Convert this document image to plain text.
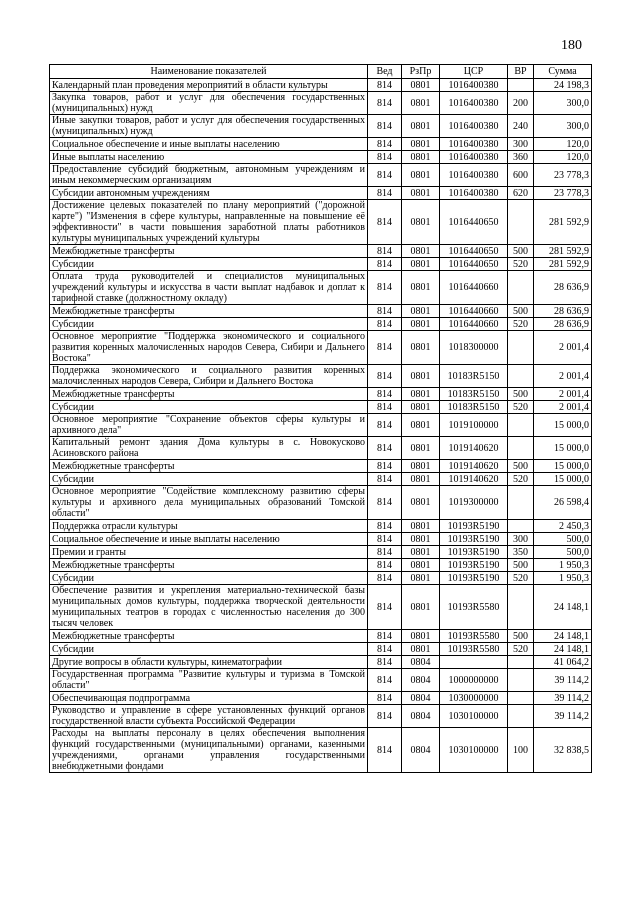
180
Наименование показателей	Вед	РзПр	ЦСР	ВР	Сумма
Календарный план проведения мероприятий в области культуры	814	0801	1016400380		24 198,3
Закупка товаров, работ и услуг для обеспечения государственных (муниципальных) нужд	814	0801	1016400380	200	300,0
Иные закупки товаров, работ и услуг для обеспечения государственных (муниципальных) нужд	814	0801	1016400380	240	300,0
Социальное обеспечение и иные выплаты населению	814	0801	1016400380	300	120,0
Иные выплаты населению	814	0801	1016400380	360	120,0
Предоставление субсидий бюджетным, автономным учреждениям и иным некоммерческим организациям	814	0801	1016400380	600	23 778,3
Субсидии автономным учреждениям	814	0801	1016400380	620	23 778,3
Достижение целевых показателей по плану мероприятий ("дорожной карте") "Изменения в сфере культуры, направленные на повышение её эффективности" в части повышения заработной платы работников культуры муниципальных учреждений культуры	814	0801	1016440650		281 592,9
Межбюджетные трансферты	814	0801	1016440650	500	281 592,9
Субсидии	814	0801	1016440650	520	281 592,9
Оплата труда руководителей и специалистов муниципальных учреждений культуры и искусства в части выплат надбавок и доплат к тарифной ставке (должностному окладу)	814	0801	1016440660		28 636,9
Межбюджетные трансферты	814	0801	1016440660	500	28 636,9
Субсидии	814	0801	1016440660	520	28 636,9
Основное мероприятие "Поддержка экономического и социального развития коренных малочисленных народов Севера, Сибири и Дальнего Востока"	814	0801	1018300000		2 001,4
Поддержка экономического и социального развития коренных малочисленных народов Севера, Сибири и Дальнего Востока	814	0801	10183R5150		2 001,4
Межбюджетные трансферты	814	0801	10183R5150	500	2 001,4
Субсидии	814	0801	10183R5150	520	2 001,4
Основное мероприятие "Сохранение объектов сферы культуры и архивного дела"	814	0801	1019100000		15 000,0
Капитальный ремонт здания Дома культуры в с. Новокусково Асиновского района	814	0801	1019140620		15 000,0
Межбюджетные трансферты	814	0801	1019140620	500	15 000,0
Субсидии	814	0801	1019140620	520	15 000,0
Основное мероприятие "Содействие комплексному развитию сферы культуры и архивного дела муниципальных образований Томской области"	814	0801	1019300000		26 598,4
Поддержка отрасли культуры	814	0801	10193R5190		2 450,3
Социальное обеспечение и иные выплаты населению	814	0801	10193R5190	300	500,0
Премии и гранты	814	0801	10193R5190	350	500,0
Межбюджетные трансферты	814	0801	10193R5190	500	1 950,3
Субсидии	814	0801	10193R5190	520	1 950,3
Обеспечение развития и укрепления материально-технической базы муниципальных домов культуры, поддержка творческой деятельности муниципальных театров в городах с численностью населения до 300 тысяч человек	814	0801	10193R5580		24 148,1
Межбюджетные трансферты	814	0801	10193R5580	500	24 148,1
Субсидии	814	0801	10193R5580	520	24 148,1
Другие вопросы в области культуры, кинематографии	814	0804			41 064,2
Государственная программа "Развитие культуры и туризма в Томской области"	814	0804	1000000000		39 114,2
Обеспечивающая подпрограмма	814	0804	1030000000		39 114,2
Руководство и управление в сфере установленных функций органов государственной власти субъекта Российской Федерации	814	0804	1030100000		39 114,2
Расходы на выплаты персоналу в целях обеспечения выполнения функций государственными (муниципальными) органами, казенными учреждениями, органами управления государственными внебюджетными фондами	814	0804	1030100000	100	32 838,5
